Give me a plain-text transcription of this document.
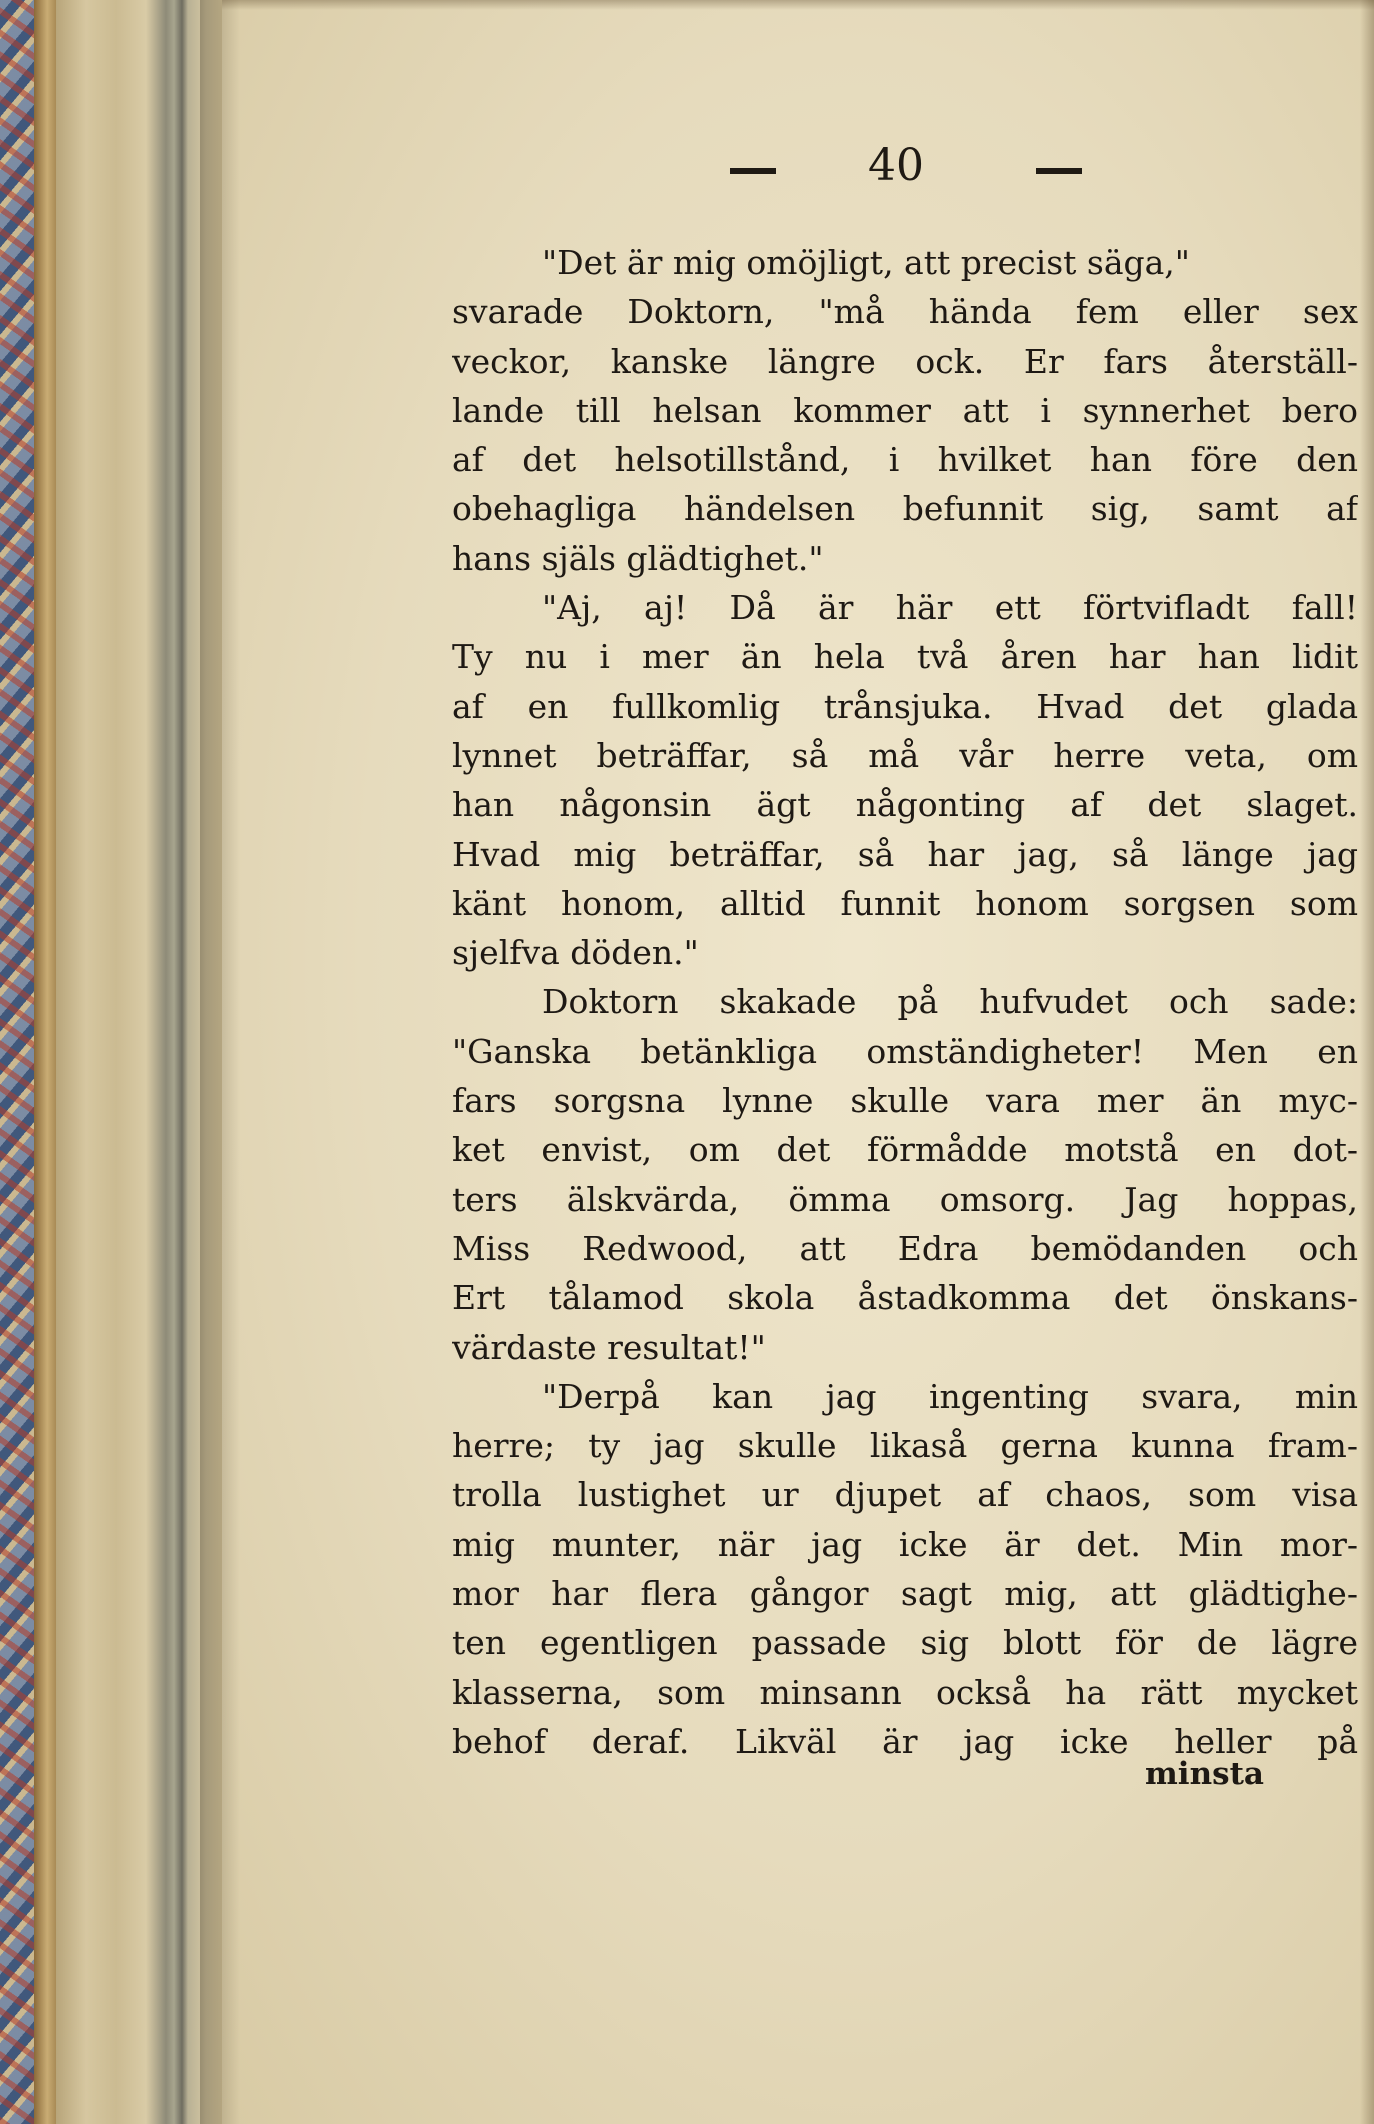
40
"Det är mig omöjligt, att precist säga,"
svarade Doktorn, "må hända fem eller sex
veckor, kanske längre ock. Er fars återställ-
lande till helsan kommer att i synnerhet bero
af det helsotillstånd, i hvilket han före den
obehagliga händelsen befunnit sig, samt af
hans själs glädtighet."
"Aj, aj! Då är här ett förtvifladt fall!
Ty nu i mer än hela två åren har han lidit
af en fullkomlig trånsjuka. Hvad det glada
lynnet beträffar, så må vår herre veta, om
han någonsin ägt någonting af det slaget.
Hvad mig beträffar, så har jag, så länge jag
känt honom, alltid funnit honom sorgsen som
sjelfva döden."
Doktorn skakade på hufvudet och sade:
"Ganska betänkliga omständigheter! Men en
fars sorgsna lynne skulle vara mer än myc-
ket envist, om det förmådde motstå en dot-
ters älskvärda, ömma omsorg. Jag hoppas,
Miss Redwood, att Edra bemödanden och
Ert tålamod skola åstadkomma det önskans-
värdaste resultat!"
"Derpå kan jag ingenting svara, min
herre; ty jag skulle likaså gerna kunna fram-
trolla lustighet ur djupet af chaos, som visa
mig munter, när jag icke är det. Min mor-
mor har flera gångor sagt mig, att glädtighe-
ten egentligen passade sig blott för de lägre
klasserna, som minsann också ha rätt mycket
behof deraf. Likväl är jag icke heller på
minsta
